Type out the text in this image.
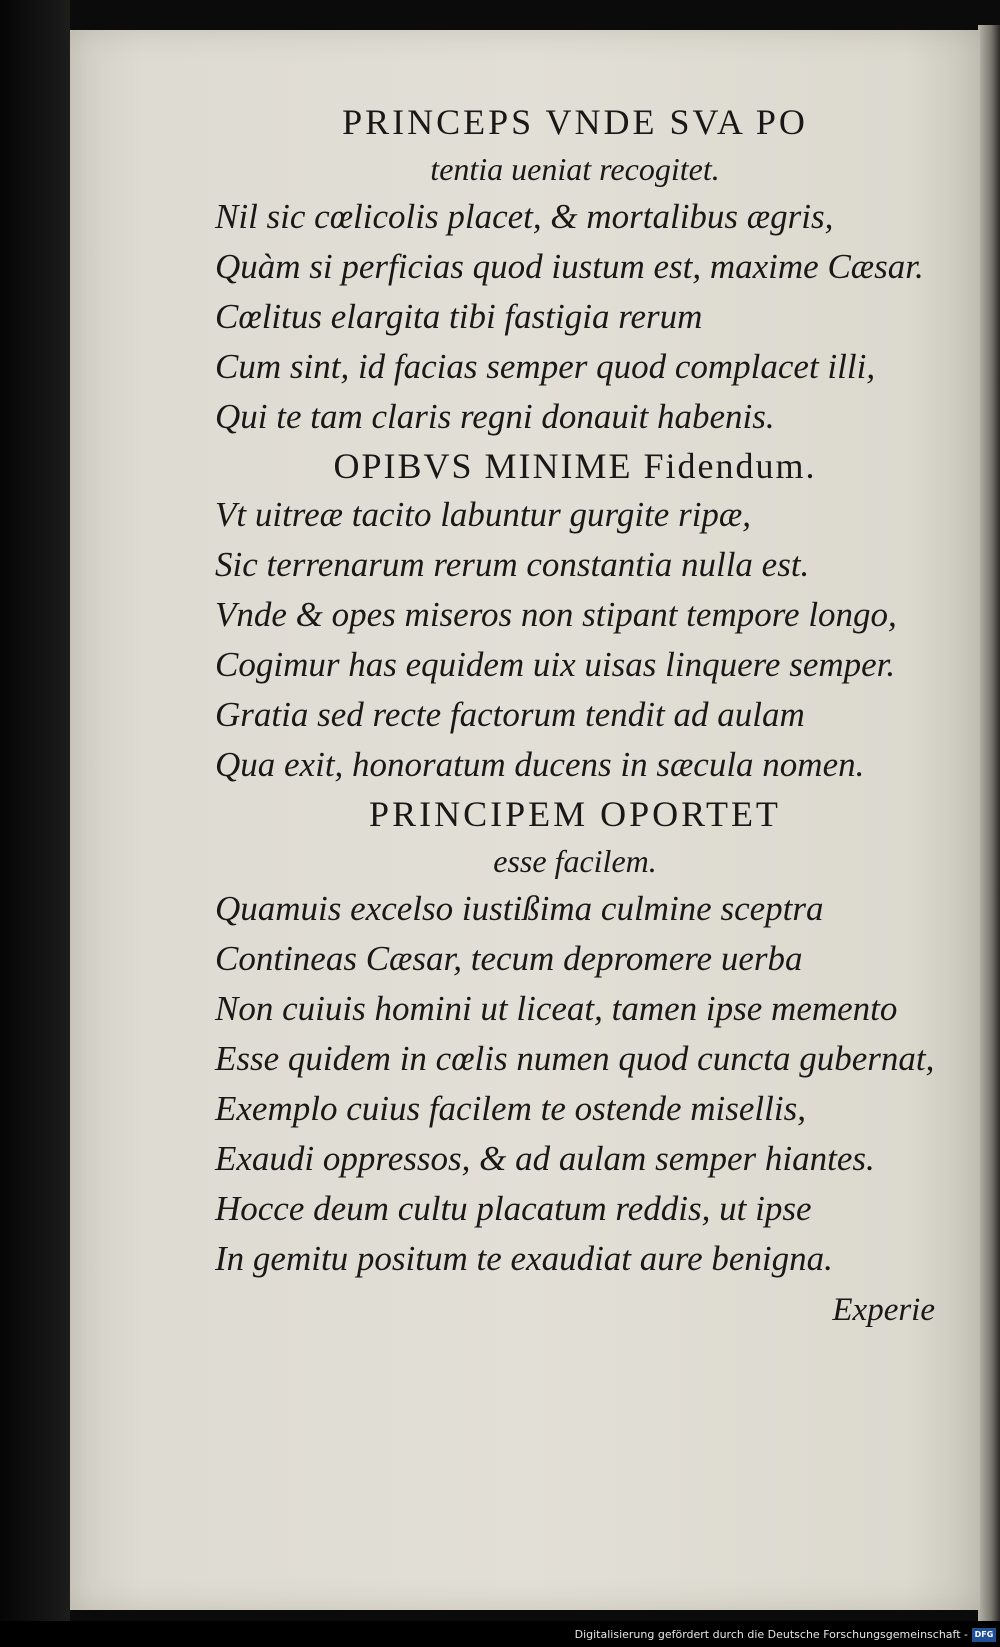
PRINCEPS VNDE SVA PO

tentia ueniat recogitet.

Nil sic cœlicolis placet, & mortalibus ægris,
Quàm si perficias quod iustum est, maxime Cæsar.
Cœlitus elargita tibi fastigia rerum
Cum sint, id facias semper quod complacet illi,
Qui te tam claris regni donauit habenis.

OPIBVS MINIME Fidendum.

Vt uitreæ tacito labuntur gurgite ripæ,
Sic terrenarum rerum constantia nulla est.
Vnde & opes miseros non stipant tempore longo,
Cogimur has equidem uix uisas linquere semper.
Gratia sed recte factorum tendit ad aulam
Qua exit, honoratum ducens in sæcula nomen.

PRINCIPEM OPORTET

esse facilem.

Quamuis excelso iustißima culmine sceptra
Contineas Cæsar, tecum depromere uerba
Non cuiuis homini ut liceat, tamen ipse memento
Esse quidem in cœlis numen quod cuncta gubernat,
Exemplo cuius facilem te ostende misellis,
Exaudi oppressos, & ad aulam semper hiantes.
Hocce deum cultu placatum reddis, ut ipse
In gemitu positum te exaudiat aure benigna.

Experie

Digitalisierung gefördert durch die Deutsche Forschungsgemeinschaft - DFG
